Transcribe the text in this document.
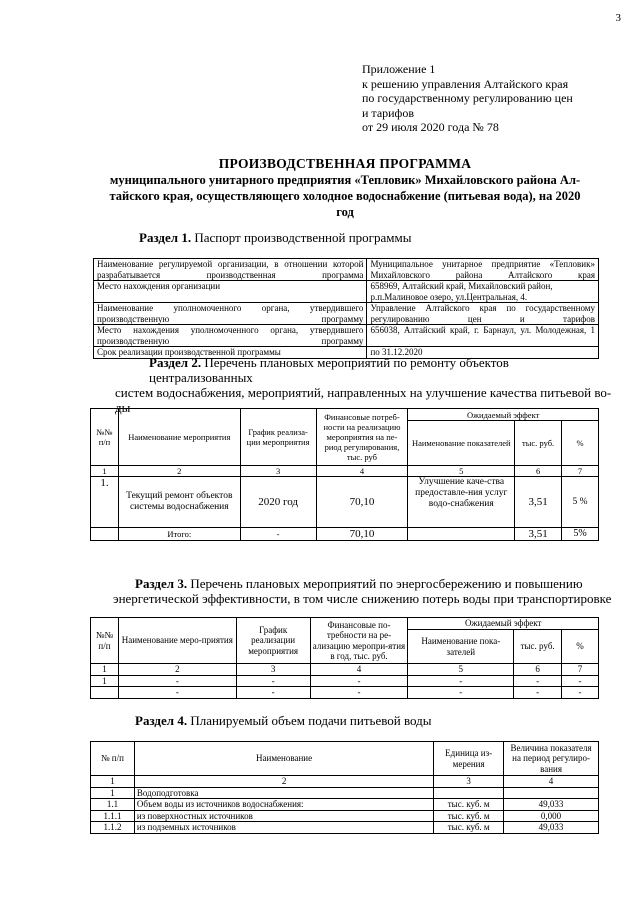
3
Приложение 1
к решению управления Алтайского края
по государственному регулированию цен
и тарифов
от 29 июля 2020 года № 78
ПРОИЗВОДСТВЕННАЯ ПРОГРАММА
муниципального унитарного предприятия «Тепловик» Михайловского района Ал-
тайского края, осуществляющего холодное водоснабжение (питьевая вода), на 2020
год
Раздел 1. Паспорт производственной программы
Наименование регулируемой организации, в отношении которой разрабатывается производственная программа	Муниципальное унитарное предприятие «Тепловик» Михайловского района Алтайского края
Место нахождения организации	658969, Алтайский край, Михайловский район, р.п.Малиновое озеро, ул.Центральная, 4.
Наименование уполномоченного органа, утвердившего производственную программу	Управление Алтайского края по государственному регулированию цен и тарифов
Место нахождения уполномоченного органа, утвердившего производственную программу	656038, Алтайский край, г. Барнаул, ул. Молодежная, 1
Срок реализации производственной программы	по 31.12.2020
Раздел 2. Перечень плановых мероприятий по ремонту объектов централизованных
систем водоснабжения, мероприятий, направленных на улучшение качества питьевой во-
ды
№№ п/п	Наименование мероприятия	График реализа-ции мероприятия	Финансовые потреб-ности на реализацию мероприятия на пе-риод регулирования, тыс. руб	Ожидаемый эффект		
				Наименование показателей	тыс. руб.	%
1	2	3	4	5	6	7
1.	Текущий ремонт объектов системы водоснабжения	2020 год	70,10	Улучшение каче-ства предоставле-ния услуг водо-снабжения	3,51	5 %
	Итого:	-	70,10		3,51	5%
Раздел 3. Перечень плановых мероприятий по энергосбережению и повышению
энергетической эффективности, в том числе снижению потерь воды при транспортировке
№№ п/п	Наименование меро-приятия	График реализации мероприятия	Финансовые по-требности на ре-ализацию меропри-ятия в год, тыс. руб.	Ожидаемый эффект		
				Наименование пока-зателей	тыс. руб.	%
1	2	3	4	5	6	7
1	-	-	-	-	-	-
	-	-	-	-	-	-
Раздел 4. Планируемый объем подачи питьевой воды
№ п/п	Наименование	Единица из-мерения	Величина показателя на период регулиро-вания
1	2	3	4
1	Водоподготовка		
1.1	Объем воды из источников водоснабжения:	тыс. куб. м	49,033
1.1.1	из поверхностных источников	тыс. куб. м	0,000
1.1.2	из подземных источников	тыс. куб. м	49,033
